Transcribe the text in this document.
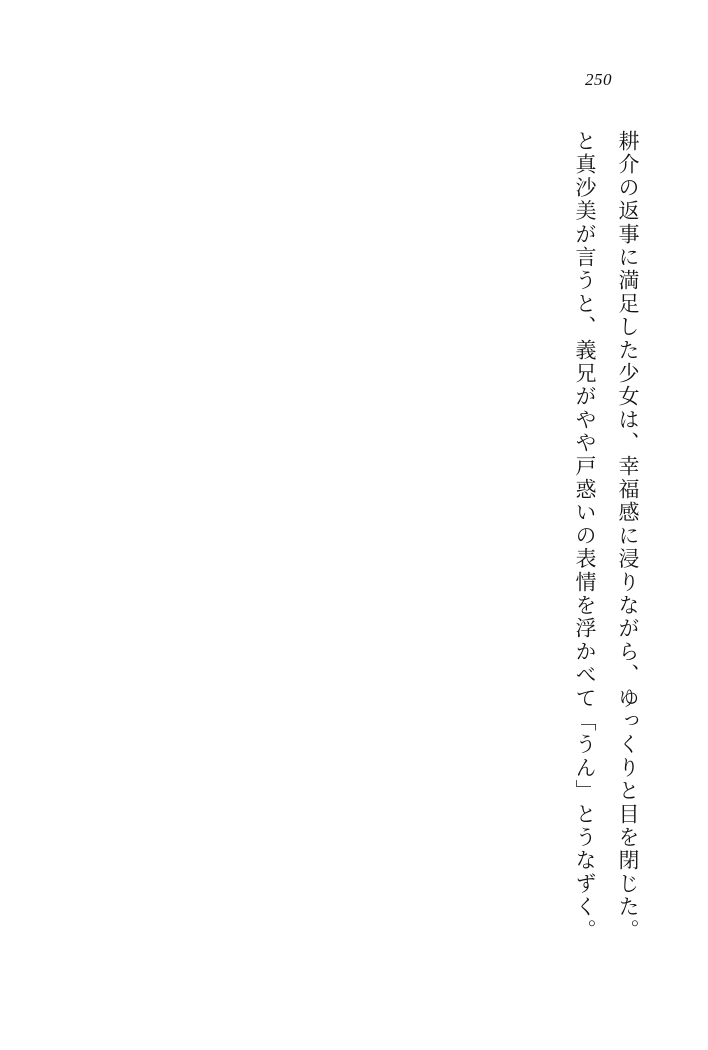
250
と真沙美が言うと、義兄がやや戸惑いの表情を浮かべて「うん」とうなずく。 耕介の返事に満足した少女は、幸福感に浸りながら、ゆっくりと目を閉じた。
